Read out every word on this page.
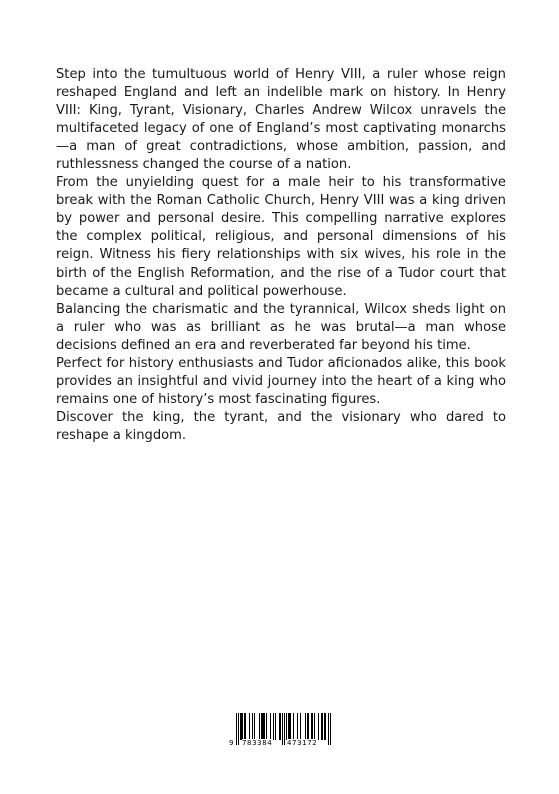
Step into the tumultuous world of Henry VIII, a ruler whose reign reshaped England and left an indelible mark on history. In Henry VIII: King, Tyrant, Visionary, Charles Andrew Wilcox unravels the multifaceted legacy of one of England’s most captivating monarchs—a man of great contradictions, whose ambition, passion, and ruthlessness changed the course of a nation.

From the unyielding quest for a male heir to his transformative break with the Roman Catholic Church, Henry VIII was a king driven by power and personal desire. This compelling narrative explores the complex political, religious, and personal dimensions of his reign. Witness his fiery relationships with six wives, his role in the birth of the English Reformation, and the rise of a Tudor court that became a cultural and political powerhouse.

Balancing the charismatic and the tyrannical, Wilcox sheds light on a ruler who was as brilliant as he was brutal—a man whose decisions defined an era and reverberated far beyond his time.

Perfect for history enthusiasts and Tudor aficionados alike, this book provides an insightful and vivid journey into the heart of a king who remains one of history’s most fascinating figures.

Discover the king, the tyrant, and the visionary who dared to reshape a kingdom.

9 783384 473172
